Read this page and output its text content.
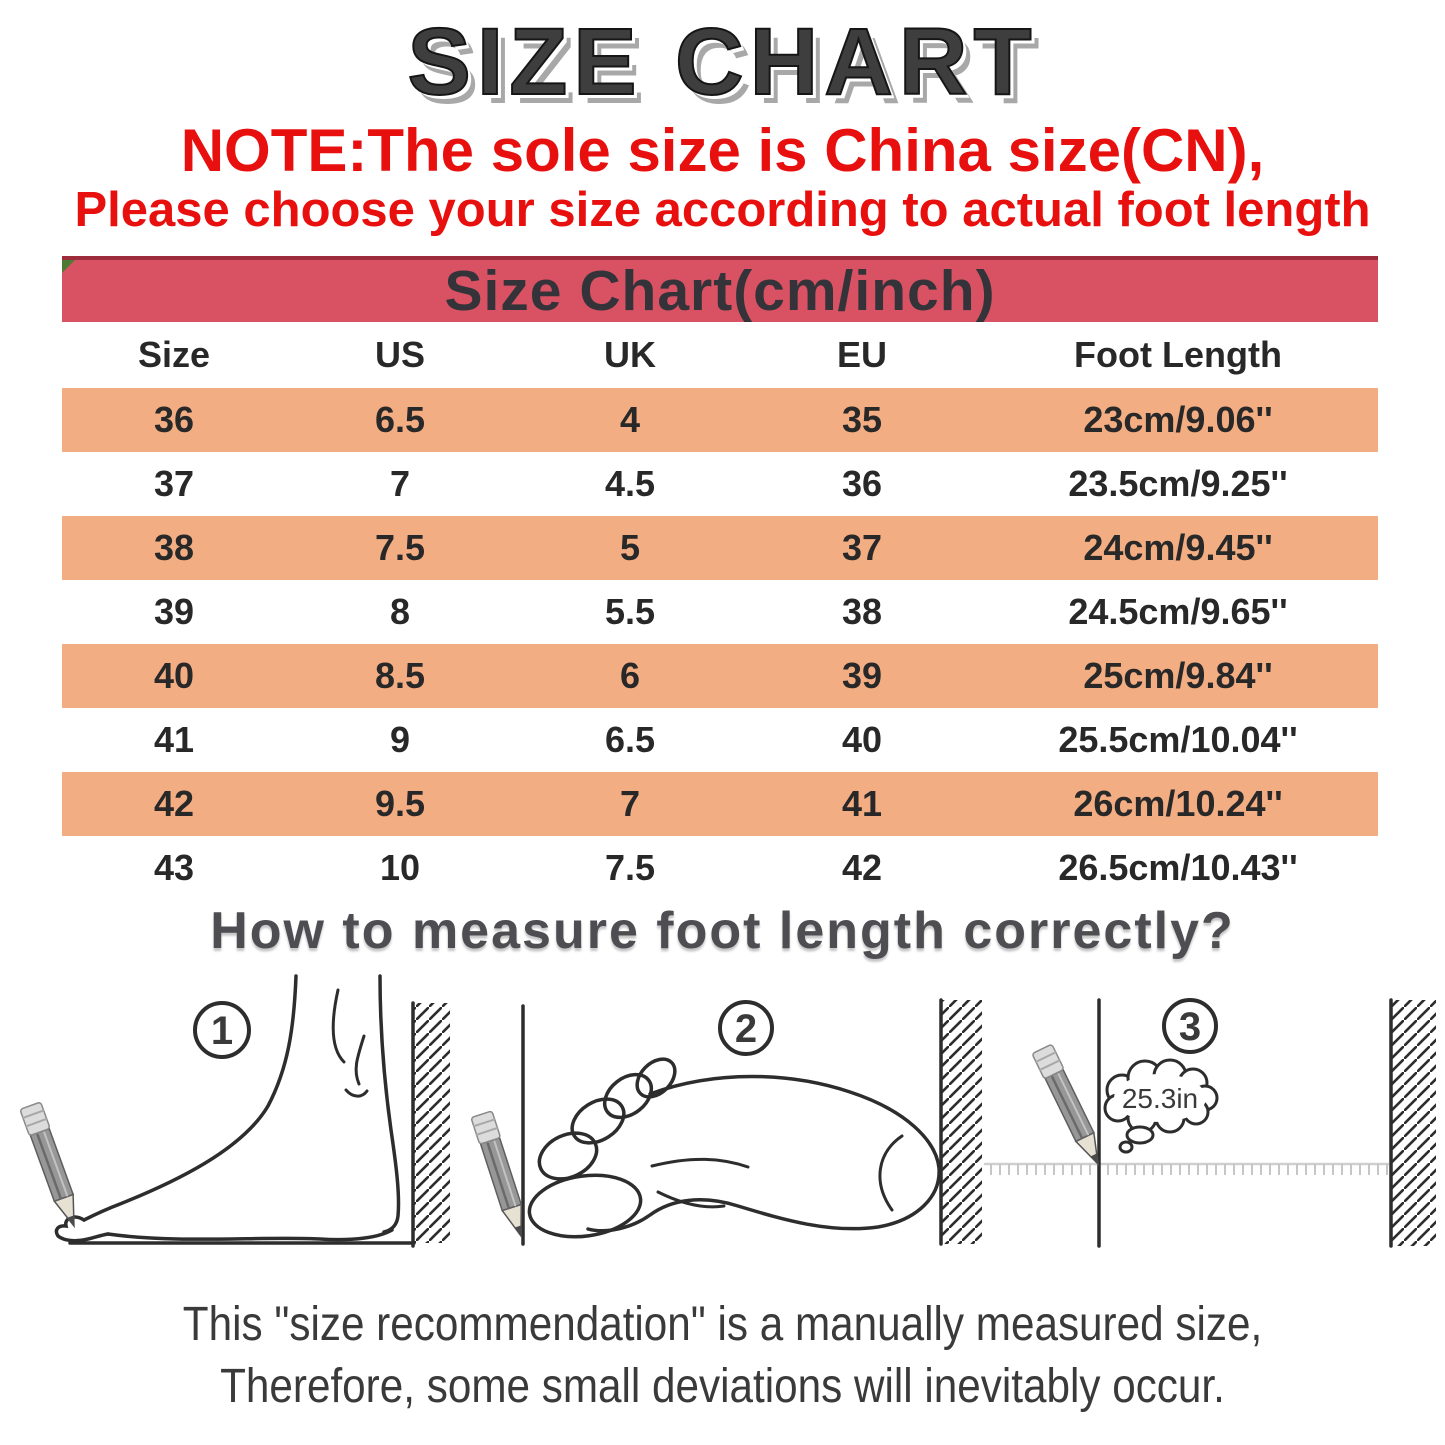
SIZE CHART
NOTE:The sole size is China size(CN),
Please choose your size according to actual foot length
Size Chart(cm/inch)
Size	US	UK	EU	Foot Length
36	6.5	4	35	23cm/9.06''
37	7	4.5	36	23.5cm/9.25''
38	7.5	5	37	24cm/9.45''
39	8	5.5	38	24.5cm/9.65''
40	8.5	6	39	25cm/9.84''
41	9	6.5	40	25.5cm/10.04''
42	9.5	7	41	26cm/10.24''
43	10	7.5	42	26.5cm/10.43''
How to measure foot length correctly?
1	2
25.3in
3
This "size recommendation" is a manually measured size,
Therefore, some small deviations will inevitably occur.
